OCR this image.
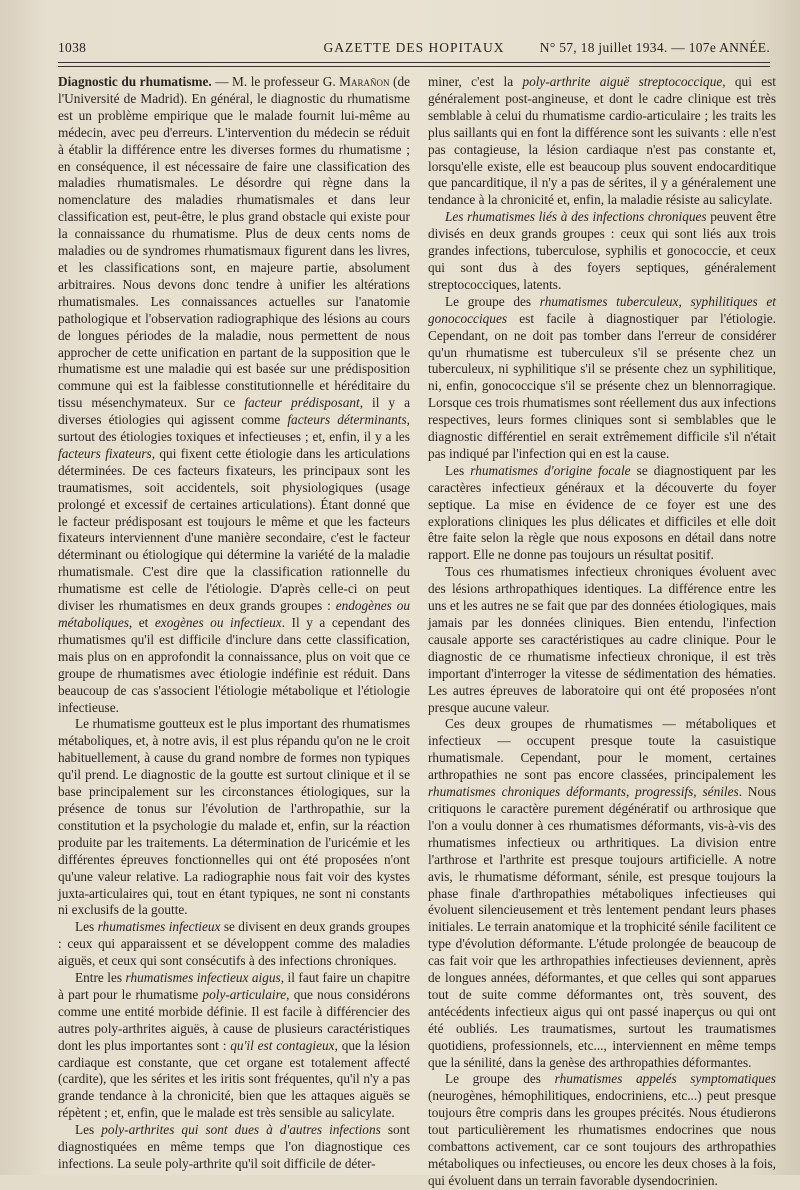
1038	GAZETTE DES HOPITAUX	N° 57, 18 juillet 1934. — 107e ANNÉE.

Diagnostic du rhumatisme. — M. le professeur G. Marañon (de l'Université de Madrid). En général, le diagnostic du rhumatisme est un problème empirique que le malade fournit lui-même au médecin, avec peu d'erreurs. L'intervention du médecin se réduit à établir la différence entre les diverses formes du rhumatisme ; en conséquence, il est nécessaire de faire une classification des maladies rhumatismales. Le désordre qui règne dans la nomenclature des maladies rhumatismales et dans leur classification est, peut-être, le plus grand obstacle qui existe pour la connaissance du rhumatisme. Plus de deux cents noms de maladies ou de syndromes rhumatismaux figurent dans les livres, et les classifications sont, en majeure partie, absolument arbitraires. Nous devons donc tendre à unifier les altérations rhumatismales. Les connaissances actuelles sur l'anatomie pathologique et l'observation radiographique des lésions au cours de longues périodes de la maladie, nous permettent de nous approcher de cette unification en partant de la supposition que le rhumatisme est une maladie qui est basée sur une prédisposition commune qui est la faiblesse constitutionnelle et héréditaire du tissu mésenchymateux. Sur ce facteur prédisposant, il y a diverses étiologies qui agissent comme facteurs déterminants, surtout des étiologies toxiques et infectieuses ; et, enfin, il y a les facteurs fixateurs, qui fixent cette étiologie dans les articulations déterminées. De ces facteurs fixateurs, les principaux sont les traumatismes, soit accidentels, soit physiologiques (usage prolongé et excessif de certaines articulations). Étant donné que le facteur prédisposant est toujours le même et que les facteurs fixateurs interviennent d'une manière secondaire, c'est le facteur déterminant ou étiologique qui détermine la variété de la maladie rhumatismale. C'est dire que la classification rationnelle du rhumatisme est celle de l'étiologie. D'après celle-ci on peut diviser les rhumatismes en deux grands groupes : endogènes ou métaboliques, et exogènes ou infectieux. Il y a cependant des rhumatismes qu'il est difficile d'inclure dans cette classification, mais plus on en approfondit la connaissance, plus on voit que ce groupe de rhumatismes avec étiologie indéfinie est réduit. Dans beaucoup de cas s'associent l'étiologie métabolique et l'étiologie infectieuse.

Le rhumatisme goutteux est le plus important des rhumatismes métaboliques, et, à notre avis, il est plus répandu qu'on ne le croit habituellement, à cause du grand nombre de formes non typiques qu'il prend. Le diagnostic de la goutte est surtout clinique et il se base principalement sur les circonstances étiologiques, sur la présence de tonus sur l'évolution de l'arthropathie, sur la constitution et la psychologie du malade et, enfin, sur la réaction produite par les traitements. La détermination de l'uricémie et les différentes épreuves fonctionnelles qui ont été proposées n'ont qu'une valeur relative. La radiographie nous fait voir des kystes juxta-articulaires qui, tout en étant typiques, ne sont ni constants ni exclusifs de la goutte.

Les rhumatismes infectieux se divisent en deux grands groupes : ceux qui apparaissent et se développent comme des maladies aiguës, et ceux qui sont consécutifs à des infections chroniques.

Entre les rhumatismes infectieux aigus, il faut faire un chapitre à part pour le rhumatisme poly-articulaire, que nous considérons comme une entité morbide définie. Il est facile à différencier des autres poly-arthrites aiguës, à cause de plusieurs caractéristiques dont les plus importantes sont : qu'il est contagieux, que la lésion cardiaque est constante, que cet organe est totalement affecté (cardite), que les sérites et les iritis sont fréquentes, qu'il n'y a pas grande tendance à la chronicité, bien que les attaques aiguës se répètent ; et, enfin, que le malade est très sensible au salicylate.

Les poly-arthrites qui sont dues à d'autres infections sont diagnostiquées en même temps que l'on diagnostique ces infections. La seule poly-arthrite qu'il soit difficile de déter-

miner, c'est la poly-arthrite aiguë streptococcique, qui est généralement post-angineuse, et dont le cadre clinique est très semblable à celui du rhumatisme cardio-articulaire ; les traits les plus saillants qui en font la différence sont les suivants : elle n'est pas contagieuse, la lésion cardiaque n'est pas constante et, lorsqu'elle existe, elle est beaucoup plus souvent endocarditique que pancarditique, il n'y a pas de sérites, il y a généralement une tendance à la chronicité et, enfin, la maladie résiste au salicylate.

Les rhumatismes liés à des infections chroniques peuvent être divisés en deux grands groupes : ceux qui sont liés aux trois grandes infections, tuberculose, syphilis et gonococcie, et ceux qui sont dus à des foyers septiques, généralement streptococciques, latents.

Le groupe des rhumatismes tuberculeux, syphilitiques et gonococciques est facile à diagnostiquer par l'étiologie. Cependant, on ne doit pas tomber dans l'erreur de considérer qu'un rhumatisme est tuberculeux s'il se présente chez un tuberculeux, ni syphilitique s'il se présente chez un syphilitique, ni, enfin, gonococcique s'il se présente chez un blennorragique. Lorsque ces trois rhumatismes sont réellement dus aux infections respectives, leurs formes cliniques sont si semblables que le diagnostic différentiel en serait extrêmement difficile s'il n'était pas indiqué par l'infection qui en est la cause.

Les rhumatismes d'origine focale se diagnostiquent par les caractères infectieux généraux et la découverte du foyer septique. La mise en évidence de ce foyer est une des explorations cliniques les plus délicates et difficiles et elle doit être faite selon la règle que nous exposons en détail dans notre rapport. Elle ne donne pas toujours un résultat positif.

Tous ces rhumatismes infectieux chroniques évoluent avec des lésions arthropathiques identiques. La différence entre les uns et les autres ne se fait que par des données étiologiques, mais jamais par les données cliniques. Bien entendu, l'infection causale apporte ses caractéristiques au cadre clinique. Pour le diagnostic de ce rhumatisme infectieux chronique, il est très important d'interroger la vitesse de sédimentation des hématies. Les autres épreuves de laboratoire qui ont été proposées n'ont presque aucune valeur.

Ces deux groupes de rhumatismes — métaboliques et infectieux — occupent presque toute la casuistique rhumatismale. Cependant, pour le moment, certaines arthropathies ne sont pas encore classées, principalement les rhumatismes chroniques déformants, progressifs, séniles. Nous critiquons le caractère purement dégénératif ou arthrosique que l'on a voulu donner à ces rhumatismes déformants, vis-à-vis des rhumatismes infectieux ou arthritiques. La division entre l'arthrose et l'arthrite est presque toujours artificielle. A notre avis, le rhumatisme déformant, sénile, est presque toujours la phase finale d'arthropathies métaboliques infectieuses qui évoluent silencieusement et très lentement pendant leurs phases initiales. Le terrain anatomique et la trophicité sénile facilitent ce type d'évolution déformante. L'étude prolongée de beaucoup de cas fait voir que les arthropathies infectieuses deviennent, après de longues années, déformantes, et que celles qui sont apparues tout de suite comme déformantes ont, très souvent, des antécédents infectieux aigus qui ont passé inaperçus ou qui ont été oubliés. Les traumatismes, surtout les traumatismes quotidiens, professionnels, etc..., interviennent en même temps que la sénilité, dans la genèse des arthropathies déformantes.

Le groupe des rhumatismes appelés symptomatiques (neurogènes, hémophilitiques, endocriniens, etc...) peut presque toujours être compris dans les groupes précités. Nous étudierons tout particulièrement les rhumatismes endocrines que nous combattons activement, car ce sont toujours des arthropathies métaboliques ou infectieuses, ou encore les deux choses à la fois, qui évoluent dans un terrain favorable dysendocrinien.
